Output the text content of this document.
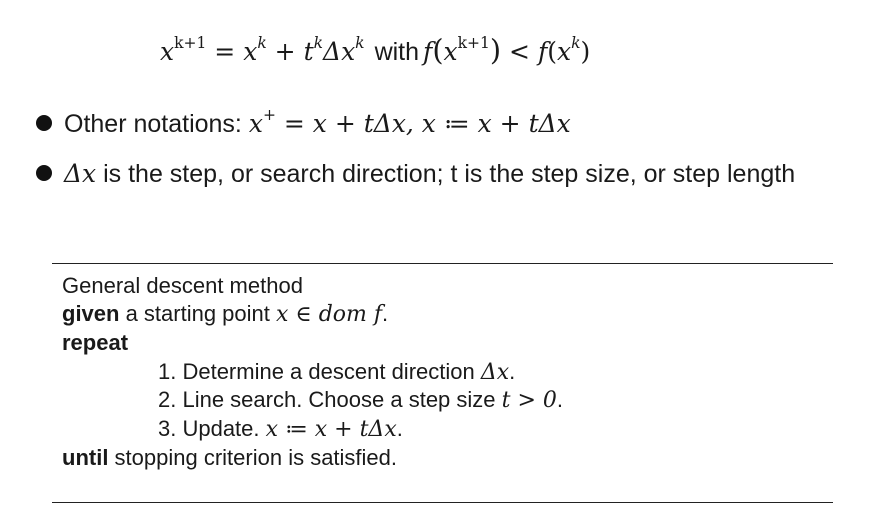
$x^{k+1} = x^k + t^k\Delta x^k$ with $f(x^{k+1}) < f(x^k)$
Other notations: x+ = x + tΔx, x ≔ x + tΔx
Δx is the step, or search direction; t is the step size, or step length
General descent method
given a starting point x ∈ dom f.
repeat
1. Determine a descent direction Δx.
2. Line search. Choose a step size t > 0.
3. Update. x ≔ x + tΔx.
until stopping criterion is satisfied.
